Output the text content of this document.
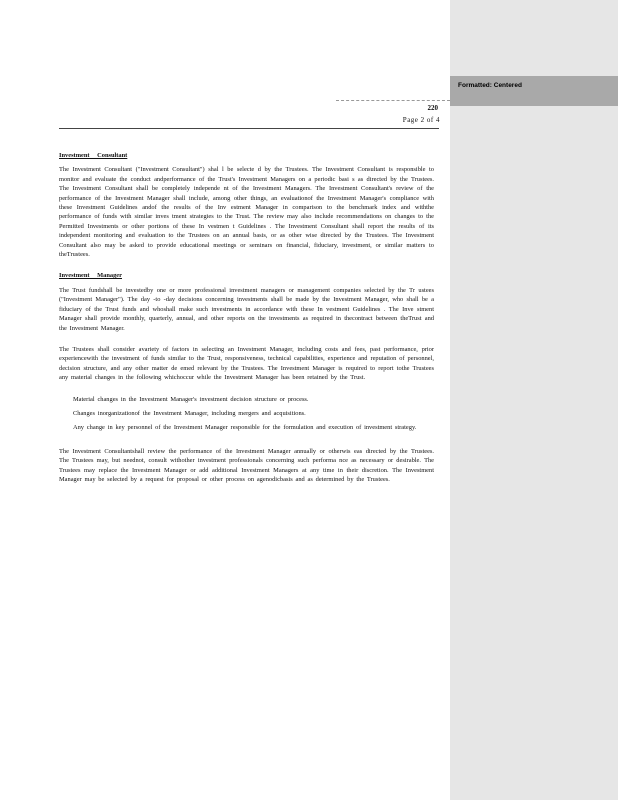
Formatted: Centered
220
Page 2 of 4
Investment Consultant

The Investment Consultant ("Investment Consultant") shal l be selecte d by the Trustees. The Investment Consultant is responsible to monitor and evaluate the conduct andperformance of the Trust's Investment Managers on a periodic basi s as directed by the Trustees. The Investment Consultant shall be completely independe nt of the Investment Managers. The Investment Consultant's review of the performance of the Investment Manager shall include, among other things, an evaluationof the Investment Manager's compliance with these Investment Guidelines andof the results of the Inv estment Manager in comparison to the benchmark index and withthe performance of funds with similar inves tment strategies to the Trust. The review may also include recommendations on changes to the Permitted Investments or other portions of these In vestmen t Guidelines . The Investment Consultant shall report the results of its independent monitoring and evaluation to the Trustees on an annual basis, or as other wise directed by the Trustees. The Investment Consultant also may be asked to provide educational meetings or seminars on financial, fiduciary, investment, or similar matters to theTrustees.

Investment Manager

The Trust fundshall be investedby one or more professional investment managers or management companies selected by the Tr ustees ("Investment Manager"). The day -to -day decisions concerning investments shall be made by the Investment Manager, who shall be a fiduciary of the Trust funds and whoshall make such investments in accordance with these In vestment Guidelines . The Inve stment Manager shall provide monthly, quarterly, annual, and other reports on the investments as required in thecontract between theTrust and the Investment Manager.

The Trustees shall consider avariety of factors in selecting an Investment Manager, including costs and fees, past performance, prior experiencewith the investment of funds similar to the Trust, responsiveness, technical capabilities, experience and reputation of personnel, decision structure, and any other matter de emed relevant by the Trustees. The Investment Manager is required to report tothe Trustees any material changes in the following whichoccur while the Investment Manager has been retained by the Trust.

Material changes in the Investment Manager's investment decision structure or process.
Changes inorganizationof the Investment Manager, including mergers and acquisitions.
Any change in key personnel of the Investment Manager responsible for the formulation and execution of investment strategy.

The Investment Consultantshall review the performance of the Investment Manager annually or otherwis eas directed by the Trustees. The Trustees may, but neednot, consult withother investment professionals concerning such performa nce as necessary or desirable. The Trustees may replace the Investment Manager or add additional Investment Managers at any time in their discretion. The Investment Manager may be selected by a request for proposal or other process on agenodicbasis and as determined by the Trustees.
